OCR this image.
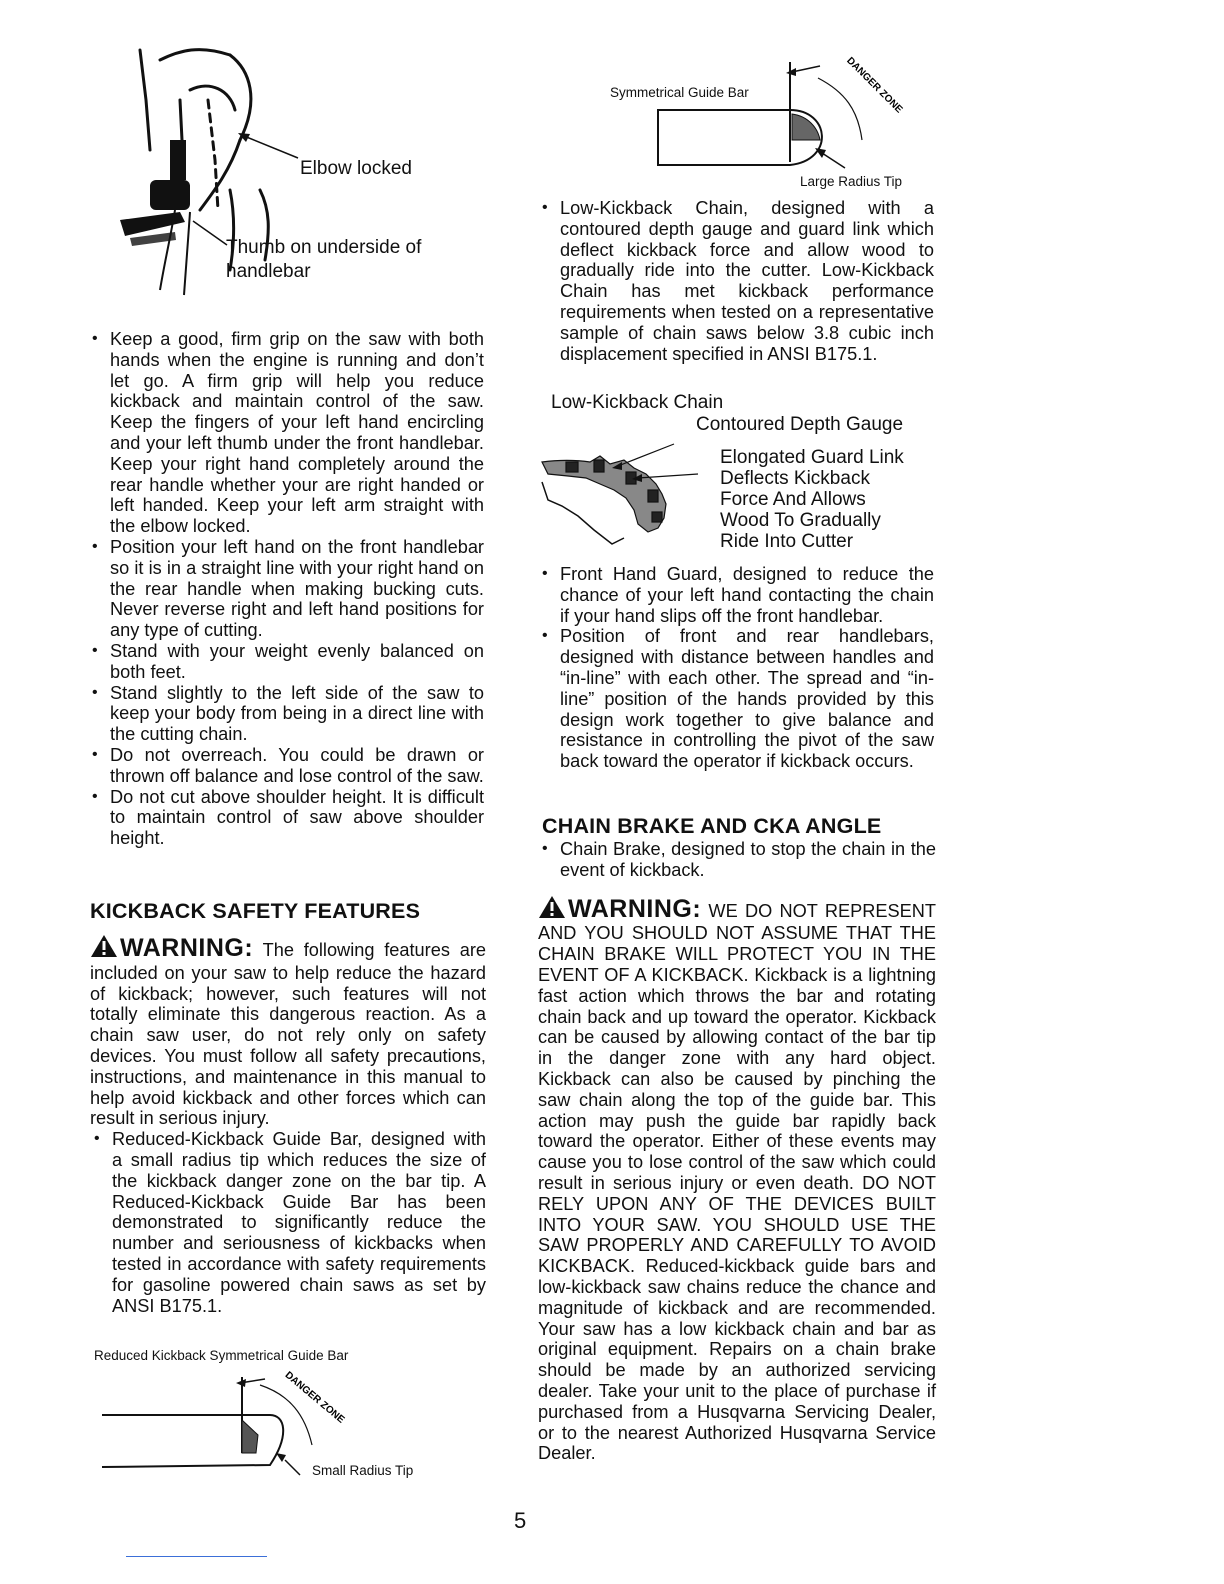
Elbow locked
Thumb on underside of
handlebar
• Keep a good, firm grip on the saw with both hands when the engine is running and don’t let go. A firm grip will help you reduce kickback and maintain control of the saw. Keep the fingers of your left hand encircling and your left thumb under the front handlebar. Keep your right hand completely around the rear handle whether your are right handed or left handed. Keep your left arm straight with the elbow locked.
• Position your left hand on the front handlebar so it is in a straight line with your right hand on the rear handle when making bucking cuts. Never reverse right and left hand positions for any type of cutting.
• Stand with your weight evenly balanced on both feet.
• Stand slightly to the left side of the saw to keep your body from being in a direct line with the cutting chain.
• Do not overreach. You could be drawn or thrown off balance and lose control of the saw.
• Do not cut above shoulder height. It is difficult to maintain control of saw above shoulder height.
KICKBACK SAFETY FEATURES

WARNING: The following features are included on your saw to help reduce the hazard of kickback; however, such features will not totally eliminate this dangerous reaction. As a chain saw user, do not rely only on safety devices. You must follow all safety precautions, instructions, and maintenance in this manual to help avoid kickback and other forces which can result in serious injury.

• Reduced-Kickback Guide Bar, designed with a small radius tip which reduces the size of the kickback danger zone on the bar tip. A Reduced-Kickback Guide Bar has been demonstrated to significantly reduce the number and seriousness of kickbacks when tested in accordance with safety requirements for gasoline powered chain saws as set by ANSI B175.1.
Reduced Kickback Symmetrical Guide Bar
DANGER ZONE
Small Radius Tip
Symmetrical Guide Bar	DANGER ZONE
Large Radius Tip
• Low-Kickback Chain, designed with a contoured depth gauge and guard link which deflect kickback force and allow wood to gradually ride into the cutter. Low-Kickback Chain has met kickback performance requirements when tested on a representative sample of chain saws below 3.8 cubic inch displacement specified in ANSI B175.1.
Low-Kickback Chain
Contoured Depth Gauge
Elongated Guard Link
Deflects Kickback
Force And Allows
Wood To Gradually
Ride Into Cutter
• Front Hand Guard, designed to reduce the chance of your left hand contacting the chain if your hand slips off the front handlebar.
• Position of front and rear handlebars, designed with distance between handles and “in-line” with each other. The spread and “in-line” position of the hands provided by this design work together to give balance and resistance in controlling the pivot of the saw back toward the operator if kickback occurs.
CHAIN BRAKE AND CKA ANGLE
• Chain Brake, designed to stop the chain in the event of kickback.

WARNING: WE DO NOT REPRESENT AND YOU SHOULD NOT ASSUME THAT THE CHAIN BRAKE WILL PROTECT YOU IN THE EVENT OF A KICKBACK. Kickback is a lightning fast action which throws the bar and rotating chain back and up toward the operator. Kickback can be caused by allowing contact of the bar tip in the danger zone with any hard object. Kickback can also be caused by pinching the saw chain along the top of the guide bar. This action may push the guide bar rapidly back toward the operator. Either of these events may cause you to lose control of the saw which could result in serious injury or even death. DO NOT RELY UPON ANY OF THE DEVICES BUILT INTO YOUR SAW. YOU SHOULD USE THE SAW PROPERLY AND CAREFULLY TO AVOID KICKBACK. Reduced-kickback guide bars and low-kickback saw chains reduce the chance and magnitude of kickback and are recommended. Your saw has a low kickback chain and bar as original equipment. Repairs on a chain brake should be made by an authorized servicing dealer. Take your unit to the place of purchase if purchased from a Husqvarna Servicing Dealer, or to the nearest Authorized Husqvarna Service Dealer.

5
